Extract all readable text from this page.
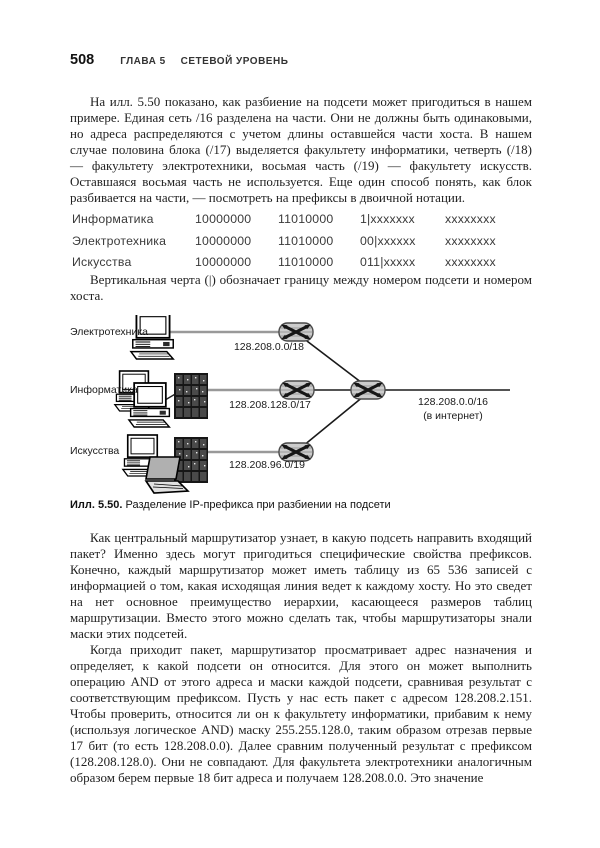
508	ГЛАВА 5 СЕТЕВОЙ УРОВЕНЬ
На илл. 5.50 показано, как разбиение на подсети может пригодиться в нашем примере. Единая сеть /16 разделена на части. Они не должны быть одинаковыми, но адреса распределяются с учетом длины оставшейся части хоста. В нашем случае половина блока (/17) выделяется факультету информатики, четверть (/18) — факультету электротехники, восьмая часть (/19) — факультету искусств. Оставшаяся восьмая часть не используется. Еще один способ понять, как блок разбивается на части, — посмотреть на префиксы в двоичной нотации.
Информатика	10000000	11010000	1|xxxxxxx	xxxxxxxx
Электротехника	10000000	11010000	00|xxxxxx	xxxxxxxx
Искусства	10000000	11010000	011|xxxxx	xxxxxxxx
Вертикальная черта (|) обозначает границу между номером подсети и номером хоста.
Электротехника
Информатика
Искусства
128.208.0.0/18
128.208.128.0/17
128.208.96.0/19
128.208.0.0/16
(в интернет)
Илл. 5.50. Разделение IP-префикса при разбиении на подсети
Как центральный маршрутизатор узнает, в какую подсеть направить входящий пакет? Именно здесь могут пригодиться специфические свойства префиксов. Конечно, каждый маршрутизатор может иметь таблицу из 65 536 записей с информацией о том, какая исходящая линия ведет к каждому хосту. Но это сведет на нет основное преимущество иерархии, касающееся размеров таблиц маршрутизации. Вместо этого можно сделать так, чтобы маршрутизаторы знали маски этих подсетей.
Когда приходит пакет, маршрутизатор просматривает адрес назначения и определяет, к какой подсети он относится. Для этого он может выполнить операцию AND от этого адреса и маски каждой подсети, сравнивая результат с соответствующим префиксом. Пусть у нас есть пакет с адресом 128.208.2.151. Чтобы проверить, относится ли он к факультету информатики, прибавим к нему (используя логическое AND) маску 255.255.128.0, таким образом отрезав первые 17 бит (то есть 128.208.0.0). Далее сравним полученный результат с префиксом (128.208.128.0). Они не совпадают. Для факультета электротехники аналогичным образом берем первые 18 бит адреса и получаем 128.208.0.0. Это значение
